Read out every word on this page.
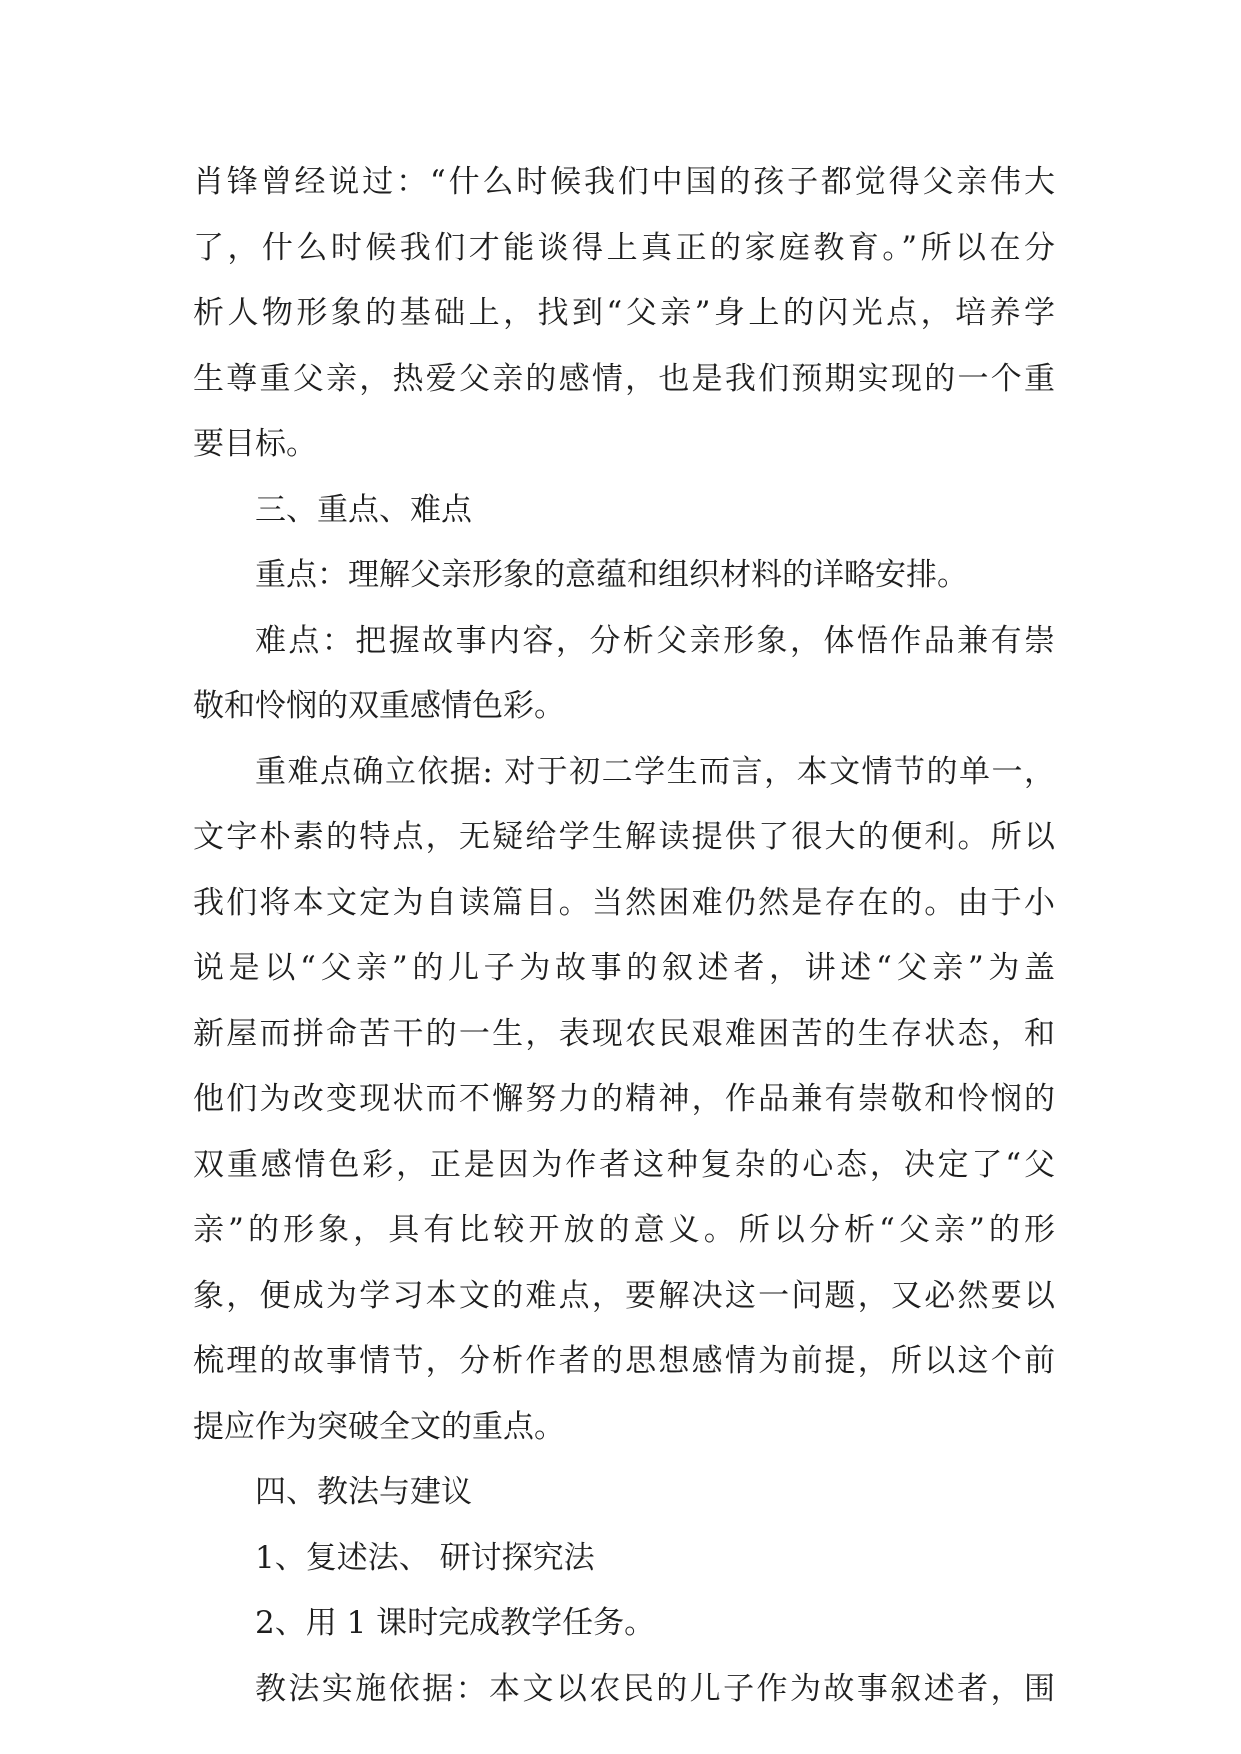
肖锋曾经说过：“什么时候我们中国的孩子都觉得父亲伟大
了，什么时候我们才能谈得上真正的家庭教育。”所以在分
析人物形象的基础上，找到“父亲”身上的闪光点，培养学
生尊重父亲，热爱父亲的感情，也是我们预期实现的一个重
要目标。
三、重点、难点
重点：理解父亲形象的意蕴和组织材料的详略安排。
难点：把握故事内容，分析父亲形象，体悟作品兼有崇
敬和怜悯的双重感情色彩。
重难点确立依据: 对于初二学生而言，本文情节的单一，
文字朴素的特点，无疑给学生解读提供了很大的便利。所以
我们将本文定为自读篇目。当然困难仍然是存在的。由于小
说是以“父亲”的儿子为故事的叙述者，讲述“父亲”为盖
新屋而拼命苦干的一生，表现农民艰难困苦的生存状态，和
他们为改变现状而不懈努力的精神，作品兼有崇敬和怜悯的
双重感情色彩，正是因为作者这种复杂的心态，决定了“父
亲”的形象，具有比较开放的意义。所以分析“父亲”的形
象，便成为学习本文的难点，要解决这一问题，又必然要以
梳理的故事情节，分析作者的思想感情为前提，所以这个前
提应作为突破全文的重点。
四、教法与建议
1、复述法、 研讨探究法
2、用 1 课时完成教学任务。
教法实施依据：本文以农民的儿子作为故事叙述者，围
